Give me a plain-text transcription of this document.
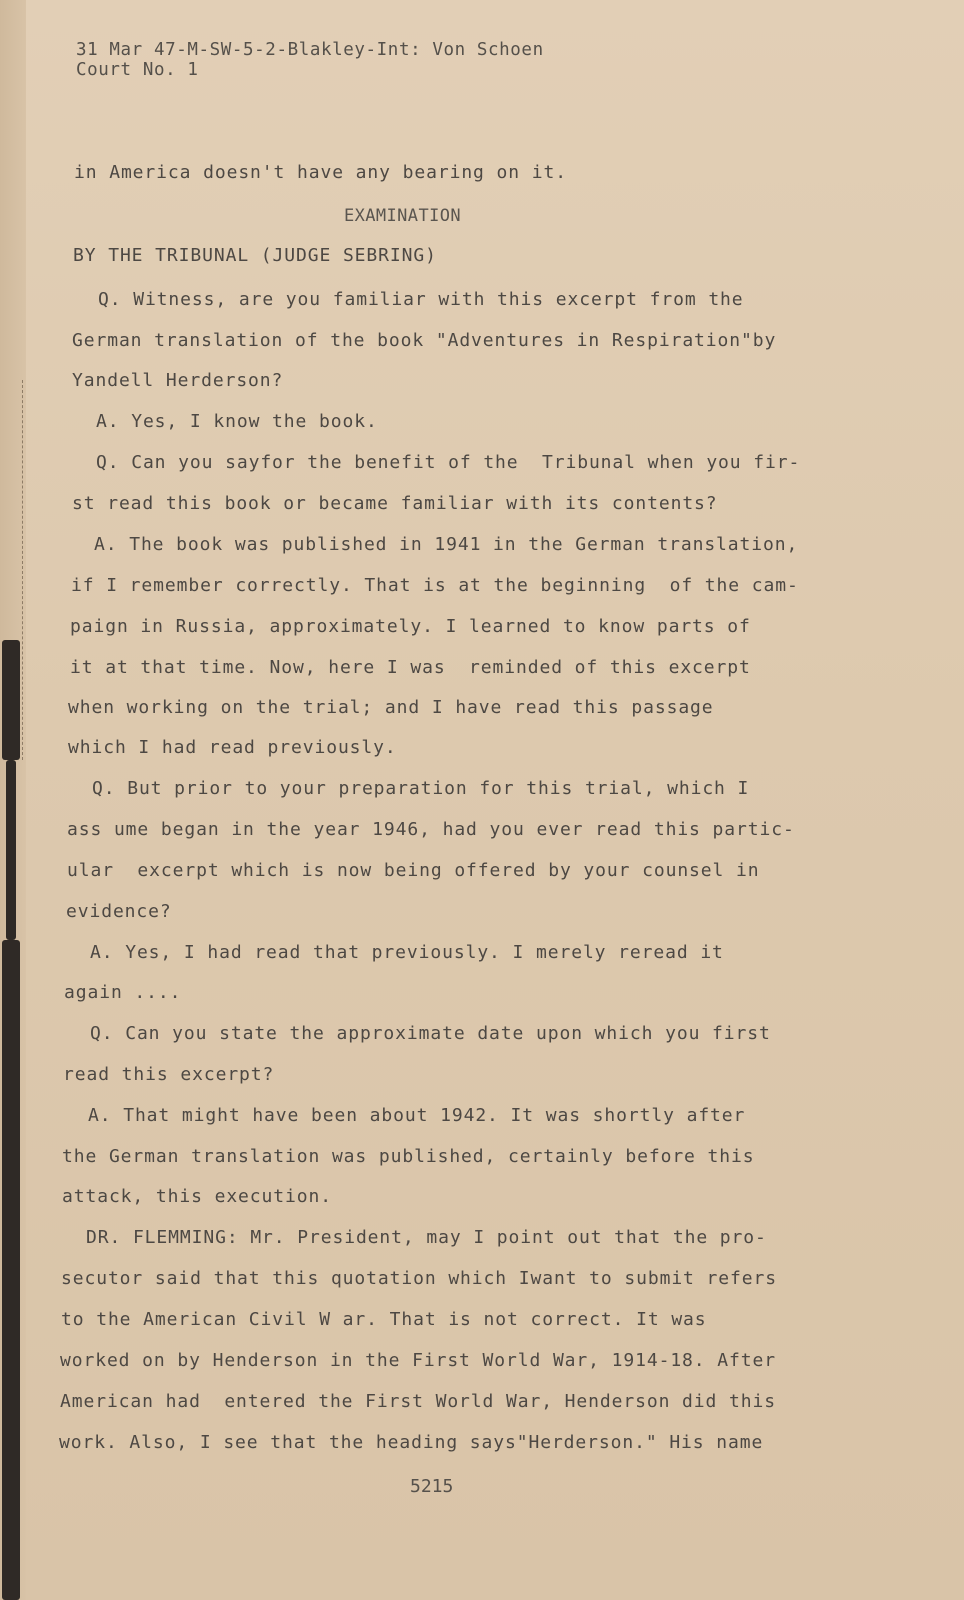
31 Mar 47-M-SW-5-2-Blakley-Int: Von Schoen
Court No. 1
in America doesn't have any bearing on it.
EXAMINATION
BY THE TRIBUNAL (JUDGE SEBRING)
Q. Witness, are you familiar with this excerpt from the
German translation of the book "Adventures in Respiration"by
Yandell Herderson?
A. Yes, I know the book.
Q. Can you sayfor the benefit of the  Tribunal when you fir-
st read this book or became familiar with its contents?
A. The book was published in 1941 in the German translation,
if I remember correctly. That is at the beginning  of the cam-
paign in Russia, approximately. I learned to know parts of
it at that time. Now, here I was  reminded of this excerpt
when working on the trial; and I have read this passage
which I had read previously.
Q. But prior to your preparation for this trial, which I
ass ume began in the year 1946, had you ever read this partic-
ular  excerpt which is now being offered by your counsel in
evidence?
A. Yes, I had read that previously. I merely reread it
again ....
Q. Can you state the approximate date upon which you first
read this excerpt?
A. That might have been about 1942. It was shortly after
the German translation was published, certainly before this
attack, this execution.
DR. FLEMMING: Mr. President, may I point out that the pro-
secutor said that this quotation which Iwant to submit refers
to the American Civil W ar. That is not correct. It was
worked on by Henderson in the First World War, 1914-18. After
American had  entered the First World War, Henderson did this
work. Also, I see that the heading says"Herderson." His name
5215
